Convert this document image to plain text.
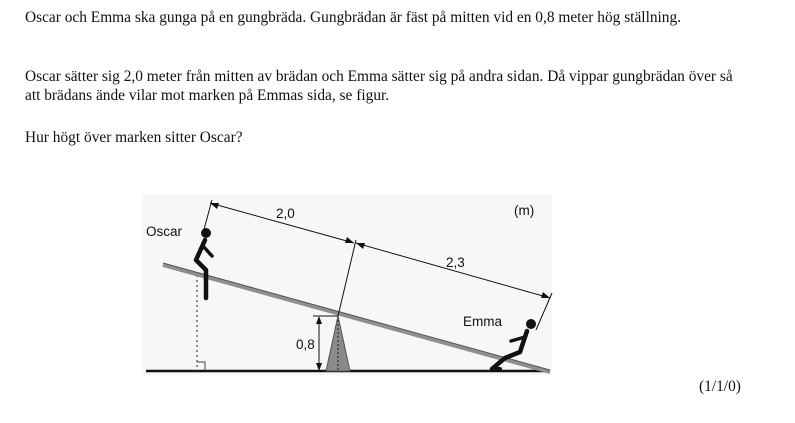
Oscar och Emma ska gunga på en gungbräda. Gungbrädan är fäst på mitten vid en 0,8 meter hög ställning.

Oscar sätter sig 2,0 meter från mitten av brädan och Emma sätter sig på andra sidan. Då vippar gungbrädan över så att brädans ände vilar mot marken på Emmas sida, se figur.

Hur högt över marken sitter Oscar?

0,8
2,0
2,3
(m)
Oscar
Emma
(1/1/0)
